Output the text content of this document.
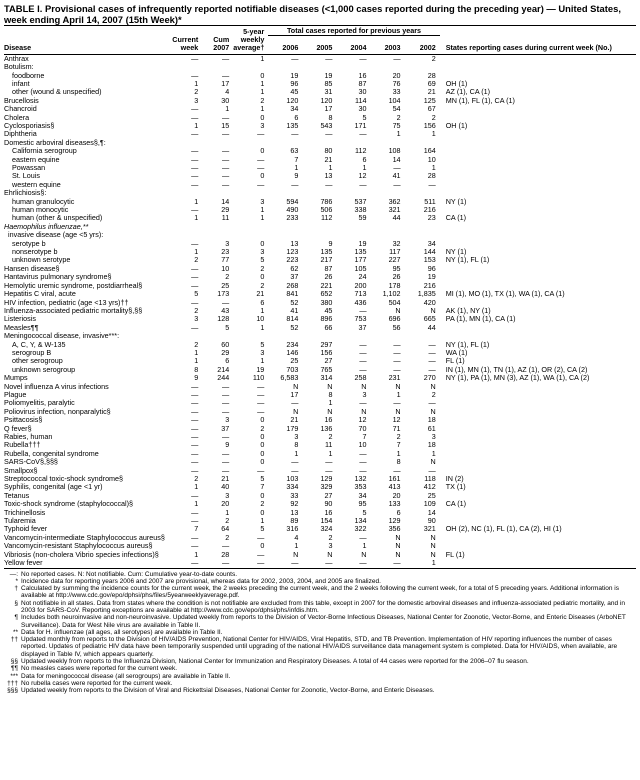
TABLE I. Provisional cases of infrequently reported notifiable diseases (<1,000 cases reported during the preceding year) — United States, week ending April 14, 2007 (15th Week)*
			5-year	Total cases reported for previous years					
	Current	Cum	weekly						
Disease	week	2007	average†	2006	2005	2004	2003	2002	States reporting cases during current week (No.)
Anthrax	—	—	1	—	—	—	—	2	
Botulism:									
foodborne	—	—	0	19	19	16	20	28	
infant	1	17	1	96	85	87	76	69	OH (1)
other (wound & unspecified)	2	4	1	45	31	30	33	21	AZ (1), CA (1)
Brucellosis	3	30	2	120	120	114	104	125	MN (1), FL (1), CA (1)
Chancroid	—	1	1	34	17	30	54	67	
Cholera	—	—	0	6	8	5	2	2	
Cyclosporiasis§	1	15	3	135	543	171	75	156	OH (1)
Diphtheria	—	—	—	—	—	—	1	1	
Domestic arboviral diseases§,¶:									
California serogroup	—	—	0	63	80	112	108	164	
eastern equine	—	—	—	7	21	6	14	10	
Powassan	—	—	—	1	1	1	—	1	
St. Louis	—	—	0	9	13	12	41	28	
western equine	—	—	—	—	—	—	—	—	
Ehrlichiosis§:									
human granulocytic	1	14	3	594	786	537	362	511	NY (1)
human monocytic	—	29	1	490	506	338	321	216	
human (other & unspecified)	1	11	1	233	112	59	44	23	CA (1)
Haemophilus influenzae,**									
invasive disease (age <5 yrs):									
serotype b	—	3	0	13	9	19	32	34	
nonserotype b	1	23	3	123	135	135	117	144	NY (1)
unknown serotype	2	77	5	223	217	177	227	153	NY (1), FL (1)
Hansen disease§	—	10	2	62	87	105	95	96	
Hantavirus pulmonary syndrome§	—	2	0	37	26	24	26	19	
Hemolytic uremic syndrome, postdiarrheal§	—	25	2	268	221	200	178	216	
Hepatitis C viral, acute	5	173	21	841	652	713	1,102	1,835	MI (1), MO (1), TX (1), WA (1), CA (1)
HIV infection, pediatric (age <13 yrs)††	—	—	6	52	380	436	504	420	
Influenza-associated pediatric mortality§,§§	2	43	1	41	45	—	N	N	AK (1), NY (1)
Listeriosis	3	128	10	814	896	753	696	665	PA (1), MN (1), CA (1)
Measles¶¶	—	5	1	52	66	37	56	44	
Meningococcal disease, invasive***:									
A, C, Y, & W-135	2	60	5	234	297	—	—	—	NY (1), FL (1)
serogroup B	1	29	3	146	156	—	—	—	WA (1)
other serogroup	1	6	1	25	27	—	—	—	FL (1)
unknown serogroup	8	214	19	703	765	—	—	—	IN (1), MN (1), TN (1), AZ (1), OR (2), CA (2)
Mumps	9	244	110	6,583	314	258	231	270	NY (1), PA (1), MN (3), AZ (1), WA (1), CA (2)
Novel influenza A virus infections	—	—	—	N	N	N	N	N	
Plague	—	—	—	17	8	3	1	2	
Poliomyelitis, paralytic	—	—	—	—	1	—	—	—	
Poliovirus infection, nonparalytic§	—	—	—	N	N	N	N	N	
Psittacosis§	—	3	0	21	16	12	12	18	
Q fever§	—	37	2	179	136	70	71	61	
Rabies, human	—	—	0	3	2	7	2	3	
Rubella†††	—	9	0	8	11	10	7	18	
Rubella, congenital syndrome	—	—	0	1	1	—	1	1	
SARS-CoV§,§§§	—	—	0	—	—	—	8	N	
Smallpox§	—	—	—	—	—	—	—	—	
Streptococcal toxic-shock syndrome§	2	21	5	103	129	132	161	118	IN (2)
Syphilis, congenital (age <1 yr)	1	40	7	334	329	353	413	412	TX (1)
Tetanus	—	3	0	33	27	34	20	25	
Toxic-shock syndrome (staphylococcal)§	1	20	2	92	90	95	133	109	CA (1)
Trichinellosis	—	1	0	13	16	5	6	14	
Tularemia	—	2	1	89	154	134	129	90	
Typhoid fever	7	64	5	316	324	322	356	321	OH (2), NC (1), FL (1), CA (2), HI (1)
Vancomycin-intermediate Staphylococcus aureus§	—	2	—	4	2	—	N	N	
Vancomycin-resistant Staphylococcus aureus§	—	—	0	1	3	1	N	N	
Vibriosis (non-cholera Vibrio species infections)§	1	28	—	N	N	N	N	N	FL (1)
Yellow fever	—	—	—	—	—	—	—	1	
—: No reported cases. N: Not notifiable. Cum: Cumulative year-to-date counts.
* Incidence data for reporting years 2006 and 2007 are provisional, whereas data for 2002, 2003, 2004, and 2005 are finalized.
† Calculated by summing the incidence counts for the current week, the 2 weeks preceding the current week, and the 2 weeks following the current week, for a total of 5 preceding years. Additional information is available at http://www.cdc.gov/epo/dphsi/phs/files/5yearweeklyaverage.pdf.
§ Not notifiable in all states. Data from states where the condition is not notifiable are excluded from this table, except in 2007 for the domestic arboviral diseases and influenza-associated pediatric mortality, and in 2003 for SARS-CoV. Reporting exceptions are available at http://www.cdc.gov/epo/dphsi/phs/infdis.htm.
¶ Includes both neuroinvasive and non-neuroinvasive. Updated weekly from reports to the Division of Vector-Borne Infectious Diseases, National Center for Zoonotic, Vector-Borne, and Enteric Diseases (ArboNET Surveillance). Data for West Nile virus are available in Table II.
** Data for H. influenzae (all ages, all serotypes) are available in Table II.
†† Updated monthly from reports to the Division of HIV/AIDS Prevention, National Center for HIV/AIDS, Viral Hepatitis, STD, and TB Prevention. Implementation of HIV reporting influences the number of cases reported. Updates of pediatric HIV data have been temporarily suspended until upgrading of the national HIV/AIDS surveillance data management system is completed. Data for HIV/AIDS, when available, are displayed in Table IV, which appears quarterly.
§§ Updated weekly from reports to the Influenza Division, National Center for Immunization and Respiratory Diseases. A total of 44 cases were reported for the 2006–07 flu season.
¶¶ No measles cases were reported for the current week.
*** Data for meningococcal disease (all serogroups) are available in Table II.
††† No rubella cases were reported for the current week.
§§§ Updated weekly from reports to the Division of Viral and Rickettsial Diseases, National Center for Zoonotic, Vector-Borne, and Enteric Diseases.
